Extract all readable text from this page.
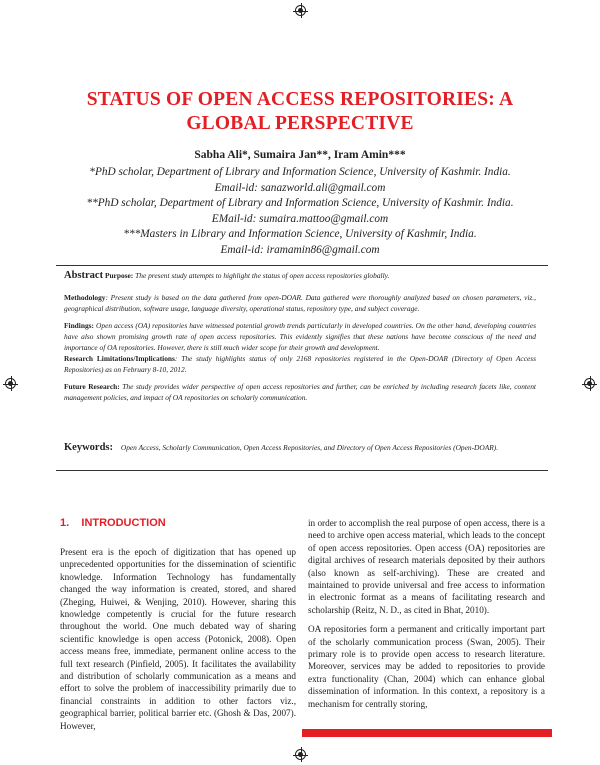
STATUS OF OPEN ACCESS REPOSITORIES: A
GLOBAL PERSPECTIVE
Sabha Ali*, Sumaira Jan**, Iram Amin***
*PhD scholar, Department of Library and Information Science, University of Kashmir. India.
Email-id: sanazworld.ali@gmail.com
**PhD scholar, Department of Library and Information Science, University of Kashmir. India.
EMail-id: sumaira.mattoo@gmail.com
***Masters in Library and Information Science, University of Kashmir, India.
Email-id: iramamin86@gmail.com
Abstract Purpose: The present study attempts to highlight the status of open access repositories globally.
Methodology: Present study is based on the data gathered from open-DOAR. Data gathered were thoroughly analyzed based on chosen parameters, viz., geographical distribution, software usage, language diversity, operational status, repository type, and subject coverage.
Findings: Open access (OA) repositories have witnessed potential growth trends particularly in developed countries. On the other hand, developing countries have also shown promising growth rate of open access repositories. This evidently signifies that these nations have become conscious of the need and importance of OA repositories. However, there is still much wider scope for their growth and development.
Research Limitations/Implications: The study highlights status of only 2168 repositories registered in the Open-DOAR (Directory of Open Access Repositories) as on February 8-10, 2012.
Future Research: The study provides wider perspective of open access repositories and further, can be enriched by including research facets like, content management policies, and impact of OA repositories on scholarly communication.
Keywords: Open Access, Scholarly Communication, Open Access Repositories, and Directory of Open Access Repositories (Open-DOAR).
1.    INTRODUCTION

Present era is the epoch of digitization that has opened up unprecedented opportunities for the dissemination of scientific knowledge. Information Technology has fundamentally changed the way information is created, stored, and shared (Zheging, Huiwei, & Wenjing, 2010). However, sharing this knowledge competently is crucial for the future research throughout the world. One much debated way of sharing scientific knowledge is open access (Potonick, 2008). Open access means free, immediate, permanent online access to the full text research (Pinfield, 2005). It facilitates the availability and distribution of scholarly communication as a means and effort to solve the problem of inaccessibility primarily due to financial constraints in addition to other factors viz., geographical barrier, political barrier etc. (Ghosh & Das, 2007). However,

in order to accomplish the real purpose of open access, there is a need to archive open access material, which leads to the concept of open access repositories. Open access (OA) repositories are digital archives of research materials deposited by their authors (also known as self-archiving). These are created and maintained to provide universal and free access to information in electronic format as a means of facilitating research and scholarship (Reitz, N. D., as cited in Bhat, 2010).

OA repositories form a permanent and critically important part of the scholarly communication process (Swan, 2005). Their primary role is to provide open access to research literature. Moreover, services may be added to repositories to provide extra functionality (Chan, 2004) which can enhance global dissemination of information. In this context, a repository is a mechanism for centrally storing,
